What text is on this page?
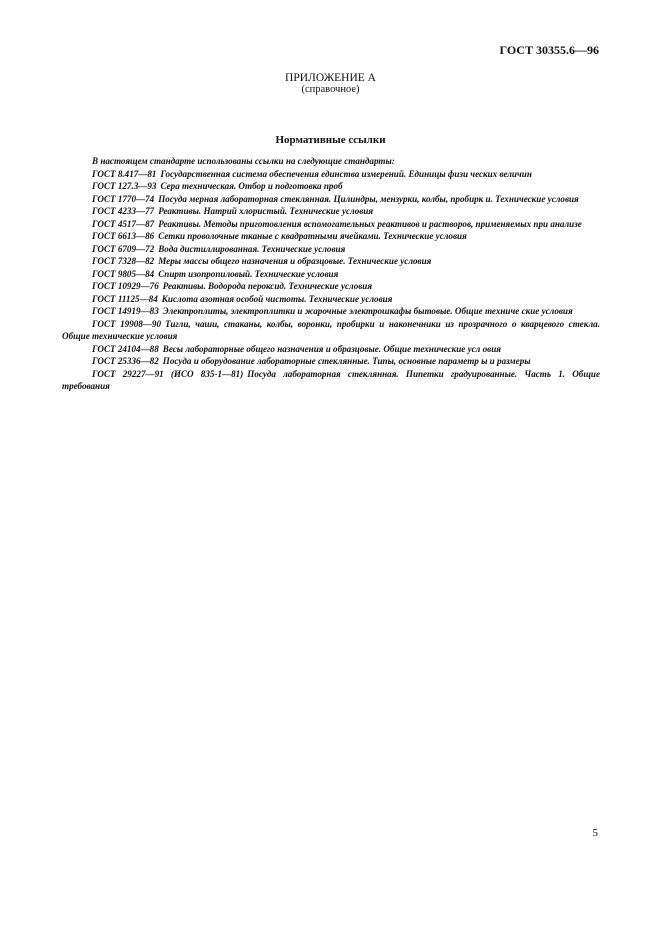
ГОСТ 30355.6—96
ПРИЛОЖЕНИЕ А
(справочное)
Нормативные ссылки

В настоящем стандарте использованы ссылки на следующие стандарты:

ГОСТ 8.417—81 Государственная система обеспечения единства измерений. Единицы физи ческих величин

ГОСТ 127.3—93 Сера техническая. Отбор и подготовка проб

ГОСТ 1770—74 Посуда мерная лабораторная стеклянная. Цилиндры, мензурки, колбы, пробирк и. Технические условия

ГОСТ 4233—77 Реактивы. Натрий хлористый. Технические условия

ГОСТ 4517—87 Реактивы. Методы приготовления вспомогательных реактивов и растворов, применяемых при анализе

ГОСТ 6613—86 Сетки проволочные тканые с квадратными ячейками. Технические условия

ГОСТ 6709—72 Вода дистиллированная. Технические условия

ГОСТ 7328—82 Меры массы общего назначения и образцовые. Технические условия

ГОСТ 9805—84 Спирт изопропиловый. Технические условия

ГОСТ 10929—76 Реактивы. Водорода пероксид. Технические условия

ГОСТ 11125—84 Кислота азотная особой чистоты. Технические условия

ГОСТ 14919—83 Электроплиты, электроплитки и жарочные электрошкафы бытовые. Общие техниче ские условия

ГОСТ 19908—90 Тигли, чаши, стаканы, колбы, воронки, пробирки и наконечники из прозрачного о кварцевого стекла. Общие технические условия

ГОСТ 24104—88 Весы лабораторные общего назначения и образцовые. Общие технические усл овия

ГОСТ 25336—82 Посуда и оборудование лабораторные стеклянные. Типы, основные параметр ы и размеры

ГОСТ 29227—91 (ИСО 835-1—81) Посуда лабораторная стеклянная. Пипетки градуированные. Часть 1. Общие требования

5
